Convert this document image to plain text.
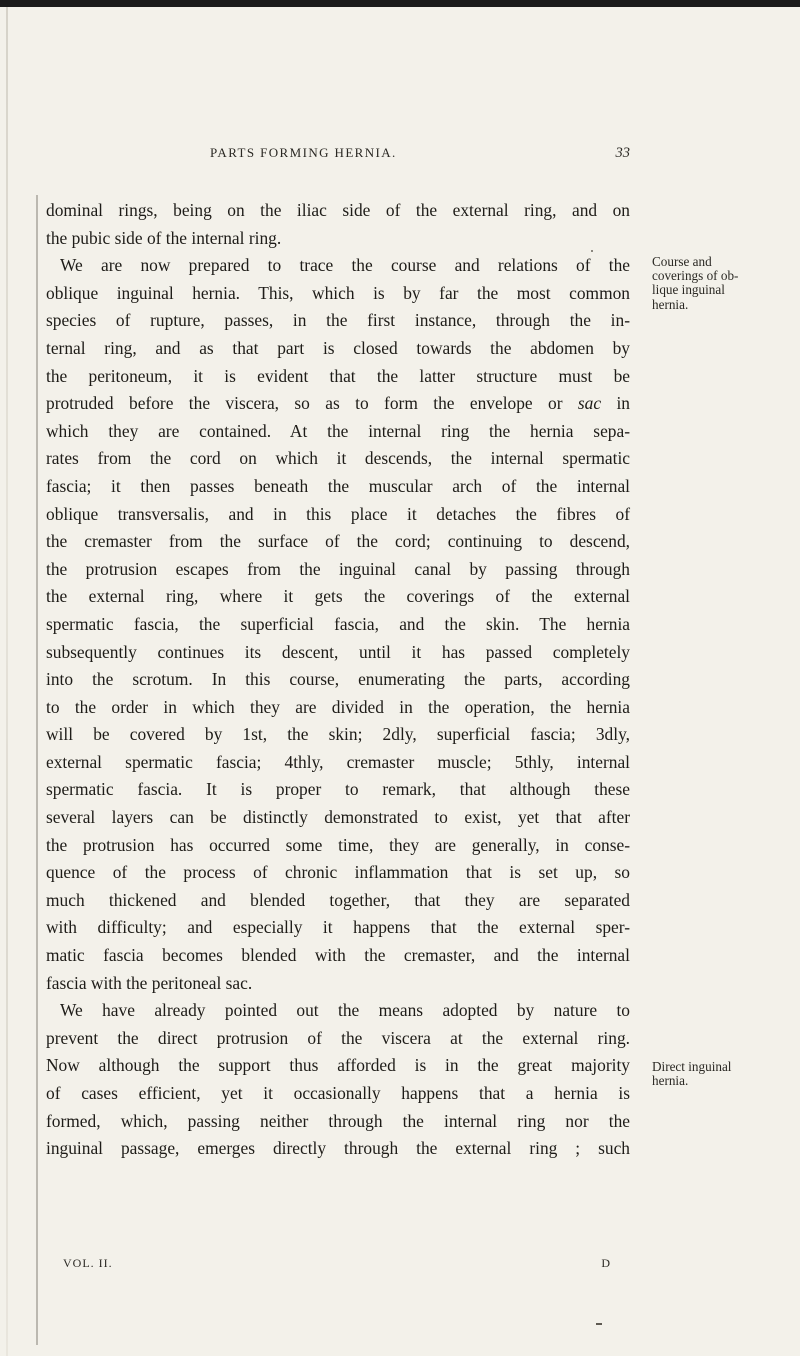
PARTS FORMING HERNIA.	33
dominal rings, being on the iliac side of the external ring, and on
the pubic side of the internal ring.
We are now prepared to trace the course and relations of the
oblique inguinal hernia. This, which is by far the most common
species of rupture, passes, in the first instance, through the in-
ternal ring, and as that part is closed towards the abdomen by
the peritoneum, it is evident that the latter structure must be
protruded before the viscera, so as to form the envelope or sac in
which they are contained. At the internal ring the hernia sepa-
rates from the cord on which it descends, the internal spermatic
fascia; it then passes beneath the muscular arch of the internal
oblique transversalis, and in this place it detaches the fibres of
the cremaster from the surface of the cord; continuing to descend,
the protrusion escapes from the inguinal canal by passing through
the external ring, where it gets the coverings of the external
spermatic fascia, the superficial fascia, and the skin. The hernia
subsequently continues its descent, until it has passed completely
into the scrotum. In this course, enumerating the parts, according
to the order in which they are divided in the operation, the hernia
will be covered by 1st, the skin; 2dly, superficial fascia; 3dly,
external spermatic fascia; 4thly, cremaster muscle; 5thly, internal
spermatic fascia. It is proper to remark, that although these
several layers can be distinctly demonstrated to exist, yet that after
the protrusion has occurred some time, they are generally, in conse-
quence of the process of chronic inflammation that is set up, so
much thickened and blended together, that they are separated
with difficulty; and especially it happens that the external sper-
matic fascia becomes blended with the cremaster, and the internal
fascia with the peritoneal sac.
We have already pointed out the means adopted by nature to
prevent the direct protrusion of the viscera at the external ring.
Now although the support thus afforded is in the great majority
of cases efficient, yet it occasionally happens that a hernia is
formed, which, passing neither through the internal ring nor the
inguinal passage, emerges directly through the external ring ; such
Course and
coverings of ob-
lique inguinal
hernia.
Direct inguinal
hernia.
VOL. II.	D
